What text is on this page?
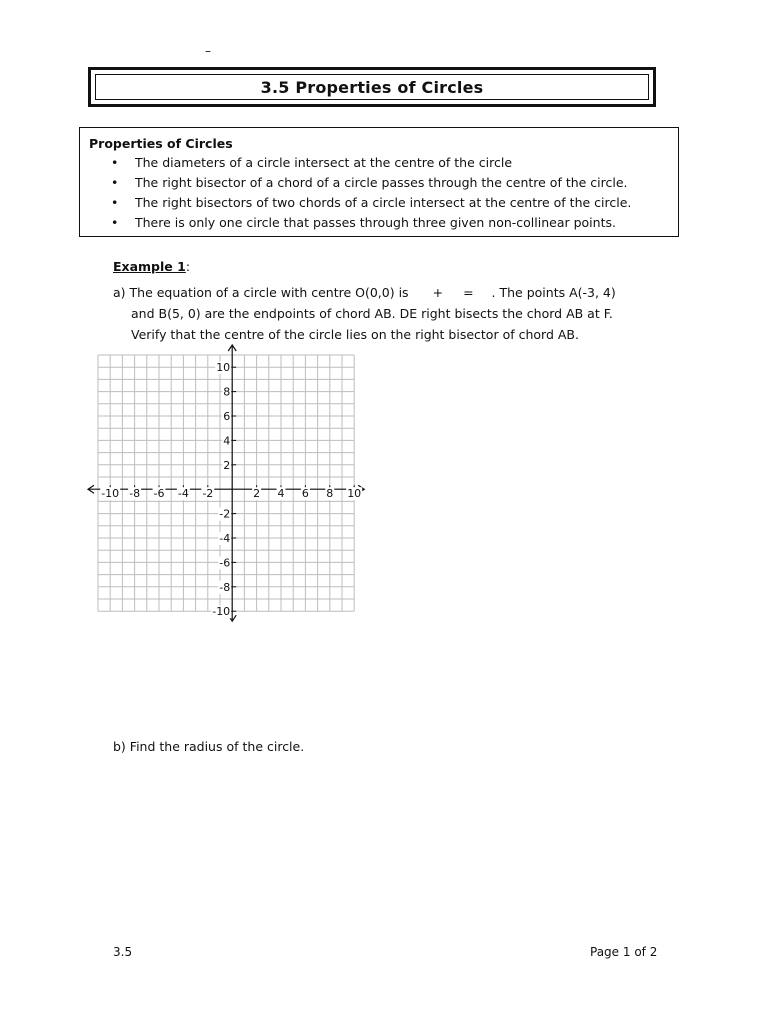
–
3.5 Properties of Circles
Properties of Circles
• The diameters of a circle intersect at the centre of the circle
• The right bisector of a chord of a circle passes through the centre of the circle.
• The right bisectors of two chords of a circle intersect at the centre of the circle.
• There is only one circle that passes through three given non-collinear points.
Example 1:
a) The equation of a circle with centre O(0,0) is + = . The points A(-3, 4)
and B(5, 0) are the endpoints of chord AB. DE right bisects the chord AB at F.
Verify that the centre of the circle lies on the right bisector of chord AB.
-10 -8 -6 -4 -2	2 4 6 8 10
10
8
6
4
2
-2
-4
-6
-8
-10
b) Find the radius of the circle.
3.5	Page 1 of 2
